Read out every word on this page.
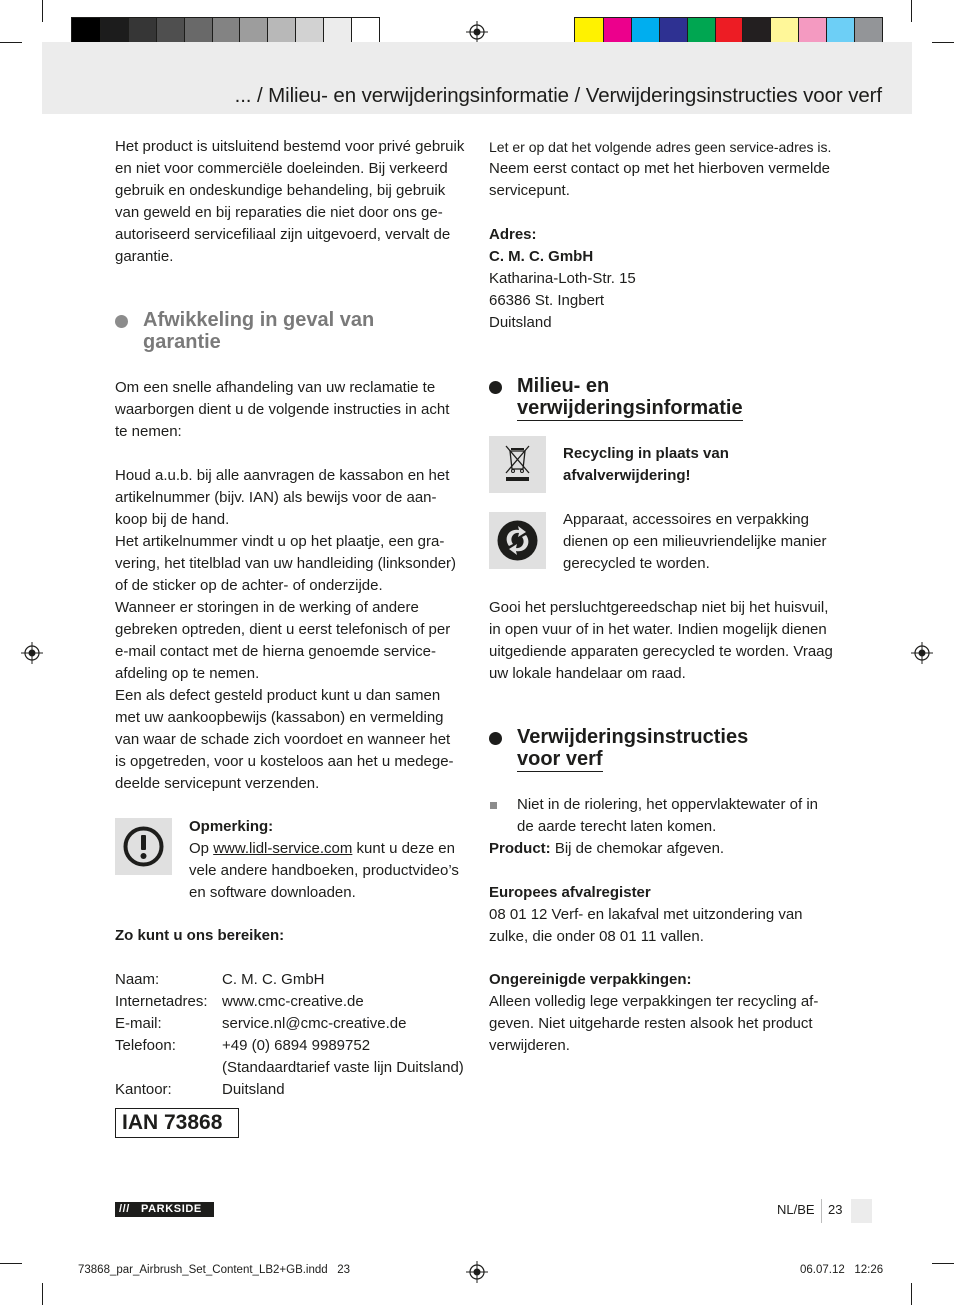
... / Milieu- en verwijderingsinformatie / Verwijderingsinstructies voor verf

Het product is uitsluitend bestemd voor privé gebruik

en niet voor commerciële doeleinden. Bij verkeerd

gebruik en ondeskundige behandeling, bij gebruik

van geweld en bij reparaties die niet door ons ge-

autoriseerd servicefiliaal zijn uitgevoerd, vervalt de

garantie.

Afwikkeling in geval van
garantie

Om een snelle afhandeling van uw reclamatie te

waarborgen dient u de volgende instructies in acht

te nemen:

Houd a.u.b. bij alle aanvragen de kassabon en het

artikelnummer (bijv. IAN) als bewijs voor de aan-

koop bij de hand.

Het artikelnummer vindt u op het plaatje, een gra-

vering, het titelblad van uw handleiding (linksonder)

of de sticker op de achter- of onderzijde.

Wanneer er storingen in de werking of andere

gebreken optreden, dient u eerst telefonisch of per

e-mail contact met de hierna genoemde service-

afdeling op te nemen.

Een als defect gesteld product kunt u dan samen

met uw aankoopbewijs (kassabon) en vermelding

van waar de schade zich voordoet en wanneer het

is opgetreden, voor u kosteloos aan het u medege-

deelde servicepunt verzenden.

Opmerking:

Op www.lidl-service.com kunt u deze en

vele andere handboeken, productvideo’s

en software downloaden.

Zo kunt u ons bereiken:
Naam:	C. M. C. GmbH
Internetadres: www.cmc-creative.de
E-mail:	service.nl@cmc-creative.de
Telefoon:	+49 (0) 6894 9989752
(Standaardtarief vaste lijn Duitsland)
Kantoor:	Duitsland
IAN 73868

Let er op dat het volgende adres geen service-adres is.

Neem eerst contact op met het hierboven vermelde

servicepunt.

Adres:

C. M. C. GmbH

Katharina-Loth-Str. 15

66386 St. Ingbert

Duitsland

Milieu- en
verwijderingsinformatie

Recycling in plaats van

afvalverwijdering!

Apparaat, accessoires en verpakking

dienen op een milieuvriendelijke manier

gerecycled te worden.

Gooi het persluchtgereedschap niet bij het huisvuil,

in open vuur of in het water. Indien mogelijk dienen

uitgediende apparaten gerecycled te worden. Vraag

uw lokale handelaar om raad.

Verwijderingsinstructies
voor verf

Niet in de riolering, het oppervlaktewater of in

de aarde terecht laten komen.

Product: Bij de chemokar afgeven.

Europees afvalregister

08 01 12 Verf- en lakafval met uitzondering van

zulke, die onder 08 01 11 vallen.

Ongereinigde verpakkingen:

Alleen volledig lege verpakkingen ter recycling af-

geven. Niet uitgeharde resten alsook het product

verwijderen.

/// PARKSIDE	NL/BE 23
73868_par_Airbrush_Set_Content_LB2+GB.indd   23	06.07.12   12:26
